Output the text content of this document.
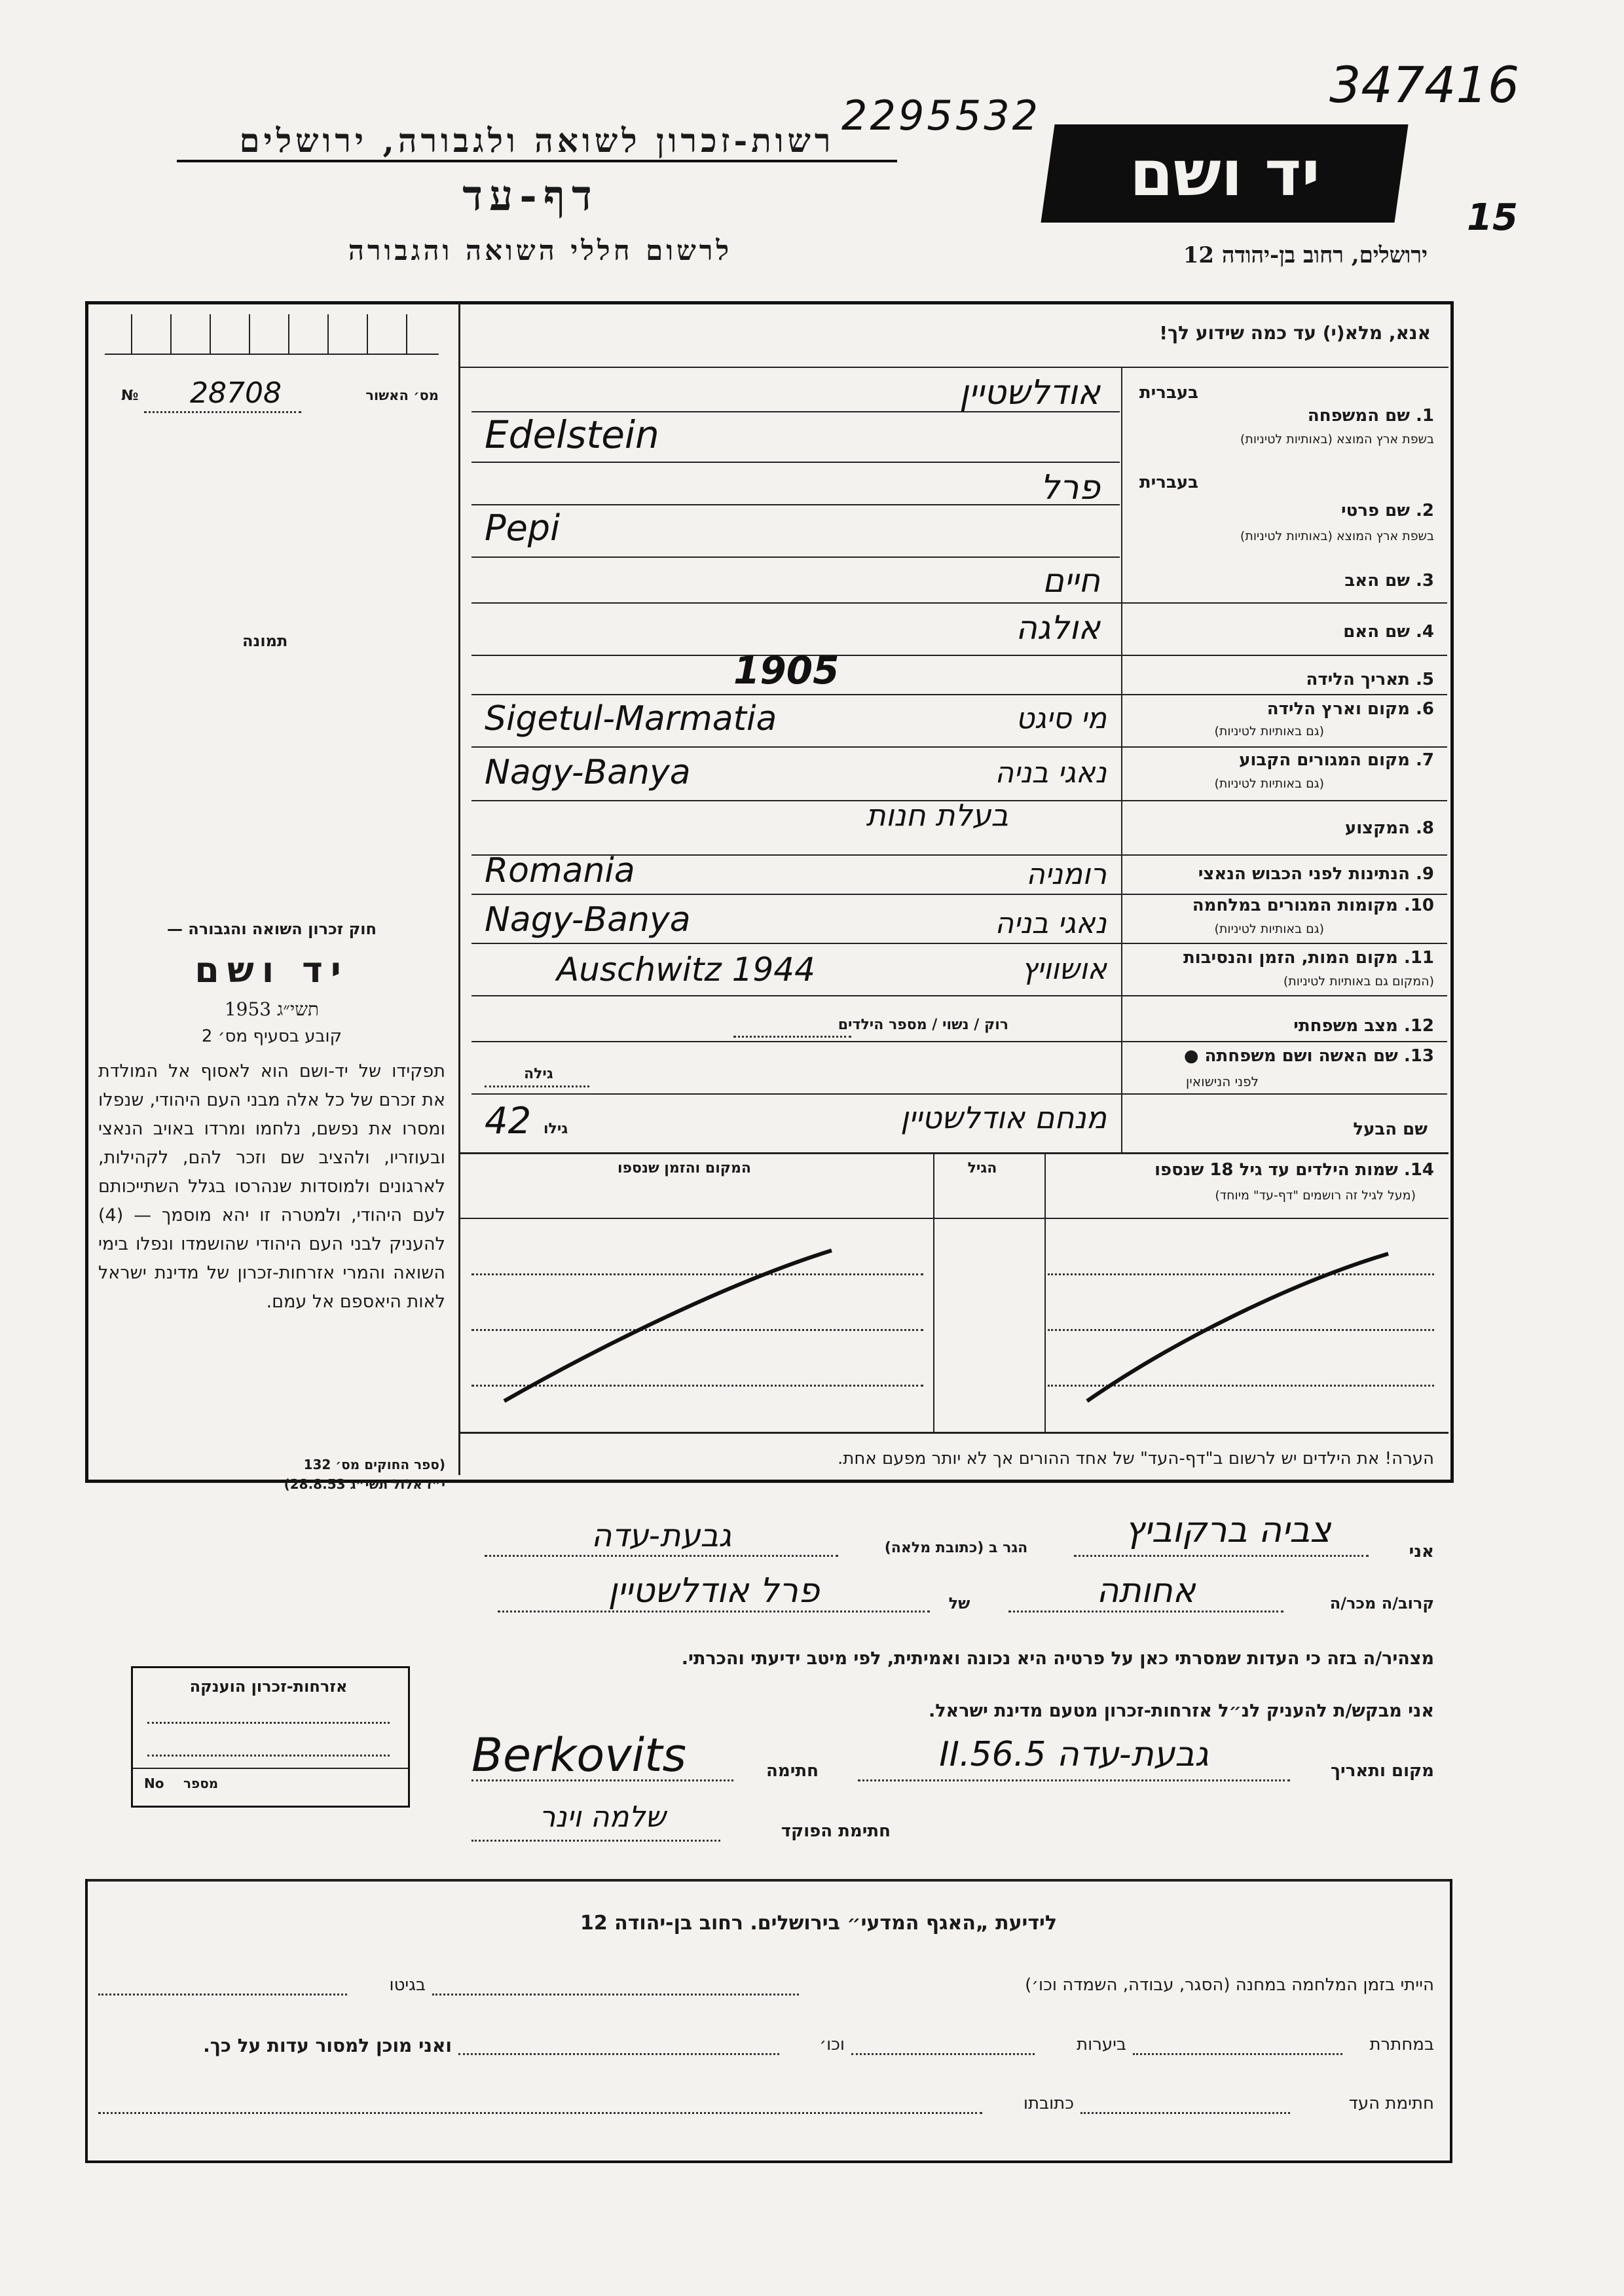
2295532
347416
15
רשות-זכרון לשואה ולגבורה, ירושלים
דף-עד
לרשום חללי השואה והגבורה
יד ושם
ירושלים, רחוב בן-יהודה 12
מס׳ האשור
28708
№
תמונה
אנא, מלא(י) עד כמה שידוע לך!
בעברית
1. שם המשפחה
בשפת ארץ המוצא (באותיות לטיניות)
אודלשטיין
Edelstein
בעברית
2. שם פרטי
בשפת ארץ המוצא (באותיות לטיניות)
פרל
Pepi
3. שם האב
חיים
4. שם האם
אולגה
5. תאריך הלידה
1905
6. מקום וארץ הלידה
(גם באותיות לטיניות)
Sigetul-Marmatia	מי סיגט
7. מקום המגורים הקבוע
(גם באותיות לטיניות)
Nagy-Banya	נאגי בניה
8. המקצוע
בעלת חנות
9. הנתינות לפני הכבוש הנאצי
Romania	רומניה
10. מקומות המגורים במלחמה
(גם באותיות לטיניות)
Nagy-Banya	נאגי בניה
11. מקום המות, הזמן והנסיבות
(המקום גם באותיות לטיניות)
Auschwitz 1944	אושוויץ
12. מצב משפחתי
רוק / נשוי / מספר הילדים
13. שם האשה ושם משפחתה ●
לפני הנישואין
גילה
שם הבעל
מנחם אודלשטיין
גילו
42
14. שמות הילדים עד גיל 18 שנספו
(מעל לגיל זה רושמים "דף-עד" מיוחד)
הגיל
המקום והזמן שנספו
הערה! את הילדים יש לרשום ב"דף-העד" של אחד ההורים אך לא יותר מפעם אחת.
חוק זכרון השואה והגבורה —
יד ושם
1953 תשי״ג
קובע בסעיף מס׳ 2
תפקידו של יד-ושם הוא לאסוף אל המולדת את זכרם של כל אלה מבני העם היהודי, שנפלו ומסרו את נפשם, נלחמו ומרדו באויב הנאצי ובעוזריו, ולהציב שם וזכר להם, לקהילות, לארגונים ולמוסדות שנהרסו בגלל השתייכותם לעם היהודי, ולמטרה זו יהא מוסמך — (4) להעניק לבני העם היהודי שהושמדו ונפלו בימי השואה והמרי אזרחות-זכרון של מדינת ישראל לאות היאספם אל עמם.
(ספר החוקים מס׳ 132
י״ז אלול תשי״ג 28.8.53)
אני
צביה ברקוביץ
הגר ב (כתובת מלאה)
גבעת-עדה
קרוב/ה מכר/ה
אחותה
של
פרל אודלשטיין
מצהיר/ה בזה כי העדות שמסרתי כאן על פרטיה היא נכונה ואמיתית, לפי מיטב ידיעתי והכרתי.
אני מבקש/ת להעניק לנ״ל אזרחות-זכרון מטעם מדינת ישראל.
מקום ותאריך
גבעת-עדה 5.II.56
חתימה
Berkovits
חתימת הפוקד
שלמה וינר
אזרחות-זכרון הוענקה
מספר
No
לידיעת „האגף המדעי״ בירושלים. רחוב בן-יהודה 12
הייתי בזמן המלחמה במחנה (הסגר, עבודה, השמדה וכו׳)
בגיטו
במחתרת
ביערות
וכו׳
ואני מוכן למסור עדות על כך.
חתימת העד
כתובתו
